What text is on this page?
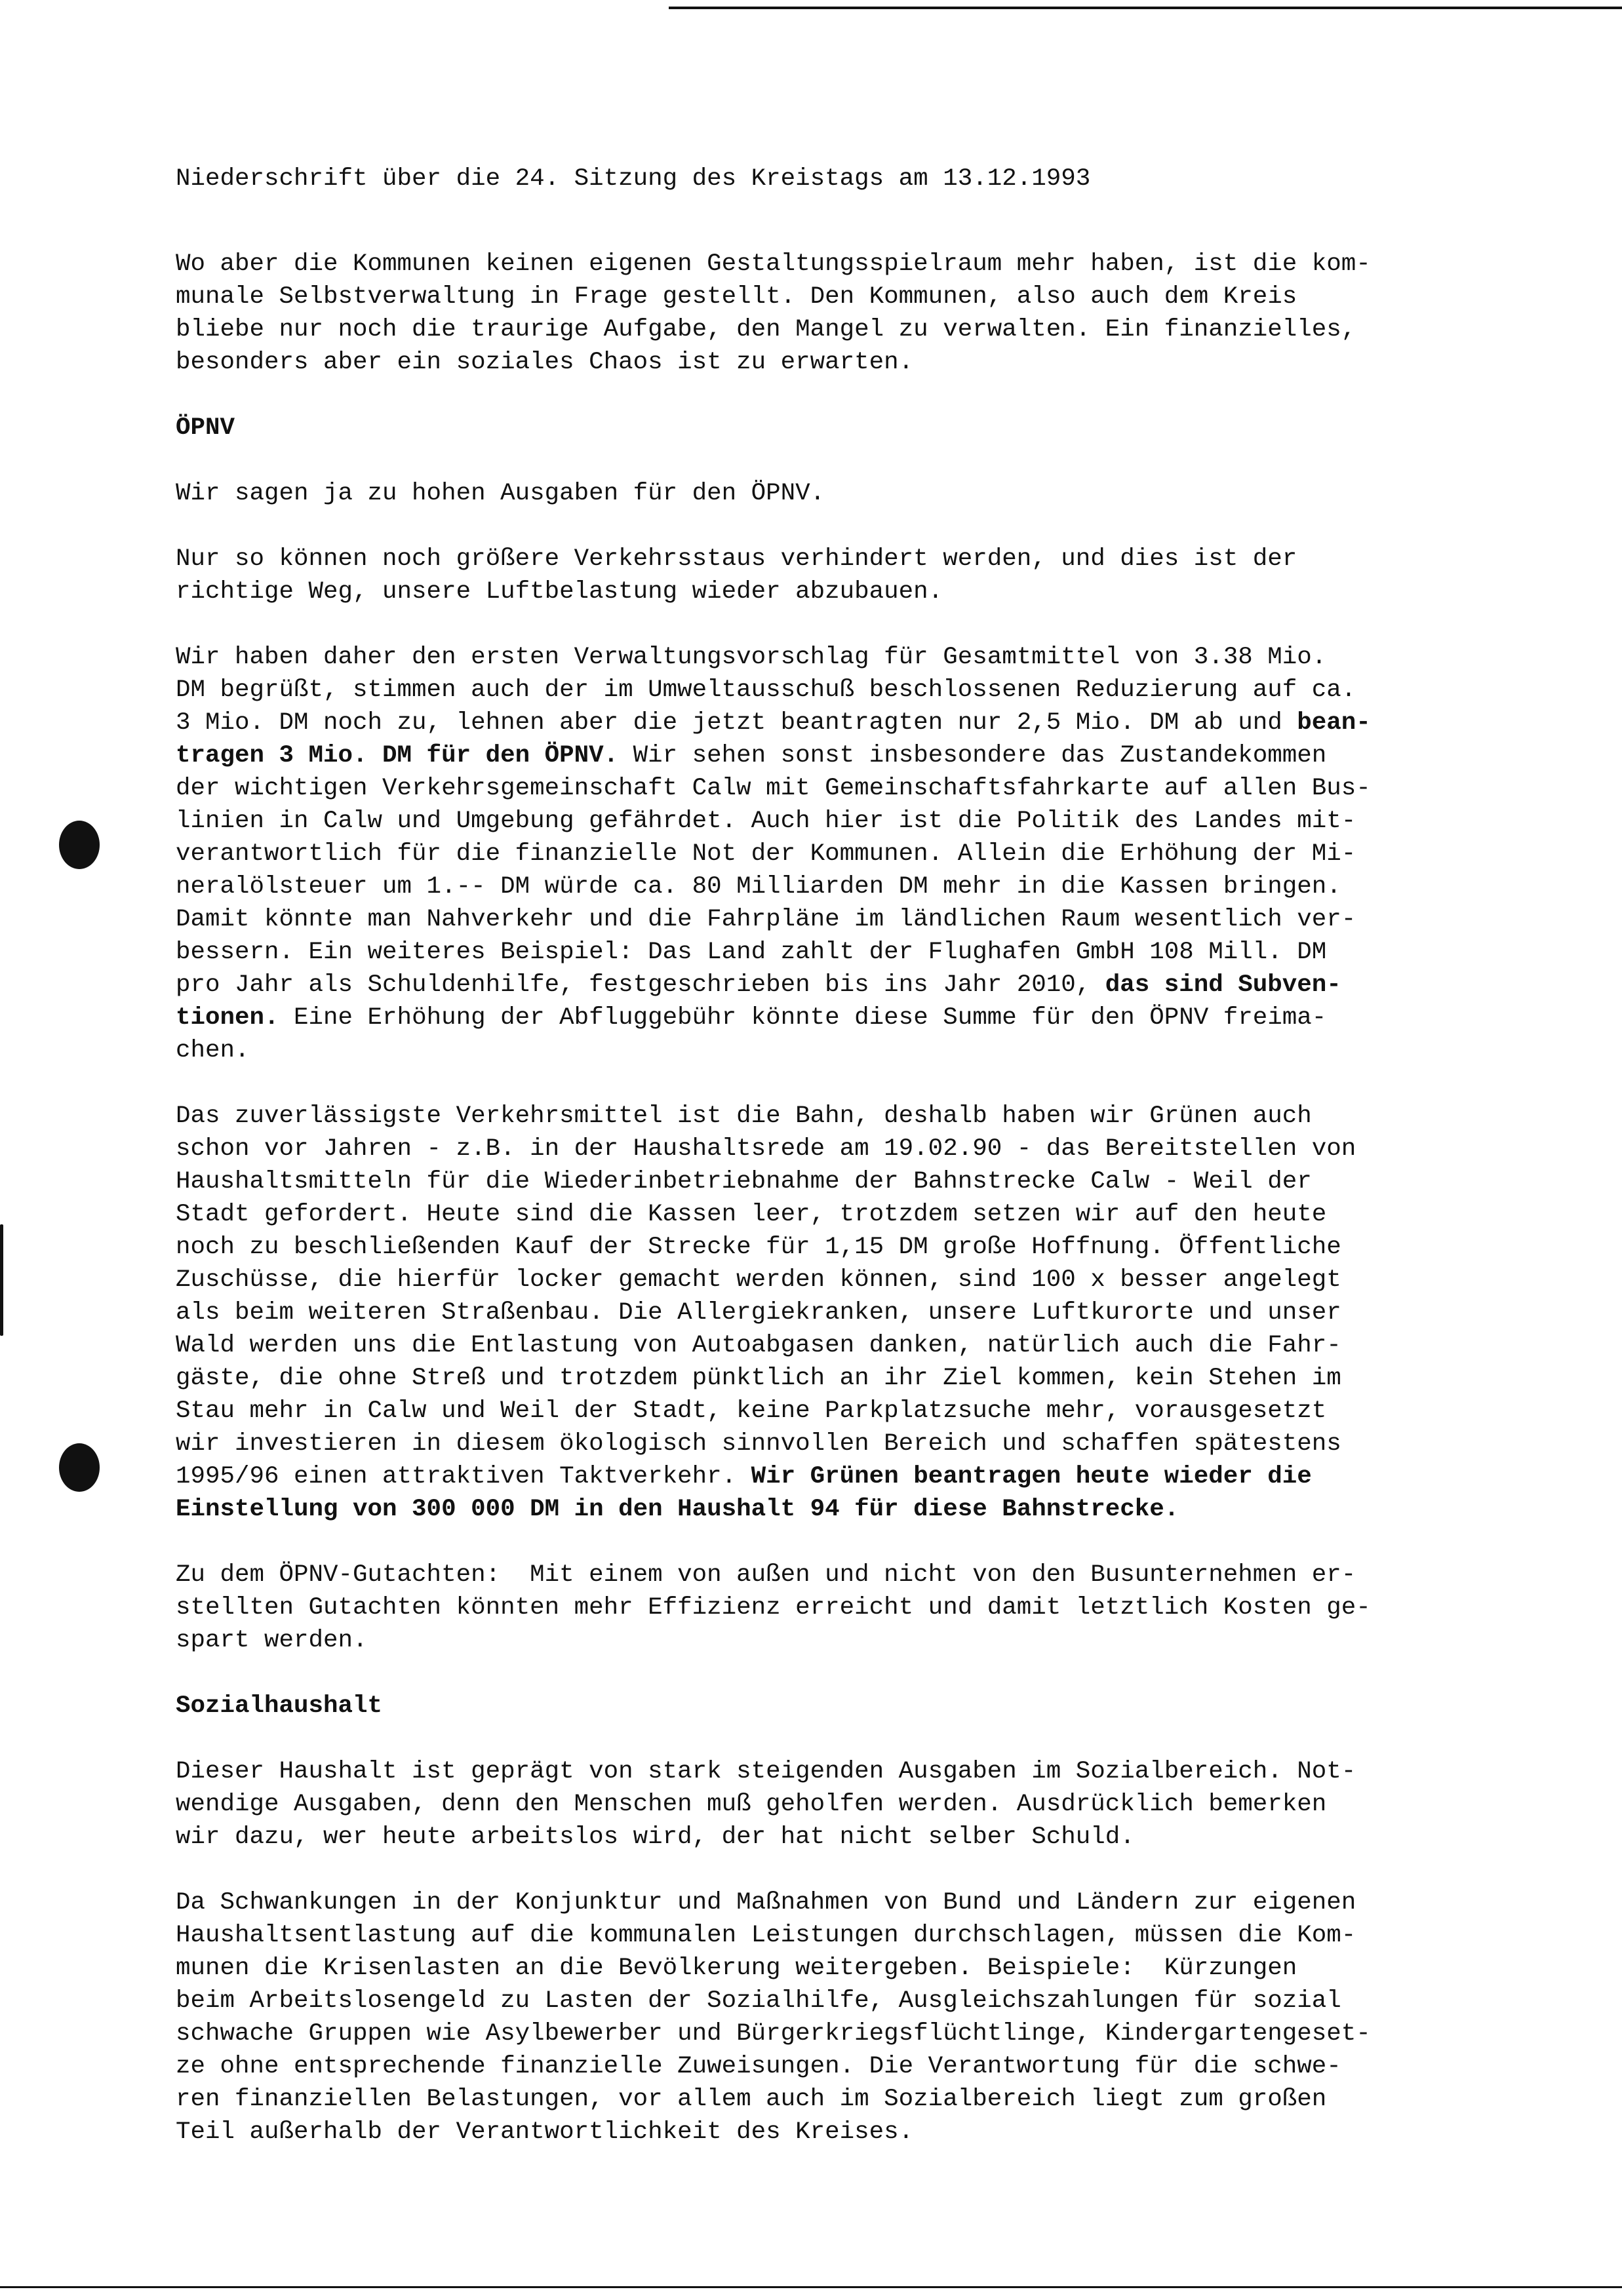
Niederschrift über die 24. Sitzung des Kreistags am 13.12.1993
Wo aber die Kommunen keinen eigenen Gestaltungsspielraum mehr haben, ist die kom-
munale Selbstverwaltung in Frage gestellt. Den Kommunen, also auch dem Kreis
bliebe nur noch die traurige Aufgabe, den Mangel zu verwalten. Ein finanzielles,
besonders aber ein soziales Chaos ist zu erwarten.
ÖPNV
Wir sagen ja zu hohen Ausgaben für den ÖPNV.
Nur so können noch größere Verkehrsstaus verhindert werden, und dies ist der
richtige Weg, unsere Luftbelastung wieder abzubauen.
Wir haben daher den ersten Verwaltungsvorschlag für Gesamtmittel von 3.38 Mio.
DM begrüßt, stimmen auch der im Umweltausschuß beschlossenen Reduzierung auf ca.
3 Mio. DM noch zu, lehnen aber die jetzt beantragten nur 2,5 Mio. DM ab und bean-
tragen 3 Mio. DM für den ÖPNV. Wir sehen sonst insbesondere das Zustandekommen
der wichtigen Verkehrsgemeinschaft Calw mit Gemeinschaftsfahrkarte auf allen Bus-
linien in Calw und Umgebung gefährdet. Auch hier ist die Politik des Landes mit-
verantwortlich für die finanzielle Not der Kommunen. Allein die Erhöhung der Mi-
neralölsteuer um 1.-- DM würde ca. 80 Milliarden DM mehr in die Kassen bringen.
Damit könnte man Nahverkehr und die Fahrpläne im ländlichen Raum wesentlich ver-
bessern. Ein weiteres Beispiel: Das Land zahlt der Flughafen GmbH 108 Mill. DM
pro Jahr als Schuldenhilfe, festgeschrieben bis ins Jahr 2010, das sind Subven-
tionen. Eine Erhöhung der Abfluggebühr könnte diese Summe für den ÖPNV freima-
chen.
Das zuverlässigste Verkehrsmittel ist die Bahn, deshalb haben wir Grünen auch
schon vor Jahren - z.B. in der Haushaltsrede am 19.02.90 - das Bereitstellen von
Haushaltsmitteln für die Wiederinbetriebnahme der Bahnstrecke Calw - Weil der
Stadt gefordert. Heute sind die Kassen leer, trotzdem setzen wir auf den heute
noch zu beschließenden Kauf der Strecke für 1,15 DM große Hoffnung. Öffentliche
Zuschüsse, die hierfür locker gemacht werden können, sind 100 x besser angelegt
als beim weiteren Straßenbau. Die Allergiekranken, unsere Luftkurorte und unser
Wald werden uns die Entlastung von Autoabgasen danken, natürlich auch die Fahr-
gäste, die ohne Streß und trotzdem pünktlich an ihr Ziel kommen, kein Stehen im
Stau mehr in Calw und Weil der Stadt, keine Parkplatzsuche mehr, vorausgesetzt
wir investieren in diesem ökologisch sinnvollen Bereich und schaffen spätestens
1995/96 einen attraktiven Taktverkehr. Wir Grünen beantragen heute wieder die
Einstellung von 300 000 DM in den Haushalt 94 für diese Bahnstrecke.
Zu dem ÖPNV-Gutachten:  Mit einem von außen und nicht von den Busunternehmen er-
stellten Gutachten könnten mehr Effizienz erreicht und damit letztlich Kosten ge-
spart werden.
Sozialhaushalt
Dieser Haushalt ist geprägt von stark steigenden Ausgaben im Sozialbereich. Not-
wendige Ausgaben, denn den Menschen muß geholfen werden. Ausdrücklich bemerken
wir dazu, wer heute arbeitslos wird, der hat nicht selber Schuld.
Da Schwankungen in der Konjunktur und Maßnahmen von Bund und Ländern zur eigenen
Haushaltsentlastung auf die kommunalen Leistungen durchschlagen, müssen die Kom-
munen die Krisenlasten an die Bevölkerung weitergeben. Beispiele:  Kürzungen
beim Arbeitslosengeld zu Lasten der Sozialhilfe, Ausgleichszahlungen für sozial
schwache Gruppen wie Asylbewerber und Bürgerkriegsflüchtlinge, Kindergartengeset-
ze ohne entsprechende finanzielle Zuweisungen. Die Verantwortung für die schwe-
ren finanziellen Belastungen, vor allem auch im Sozialbereich liegt zum großen
Teil außerhalb der Verantwortlichkeit des Kreises.
